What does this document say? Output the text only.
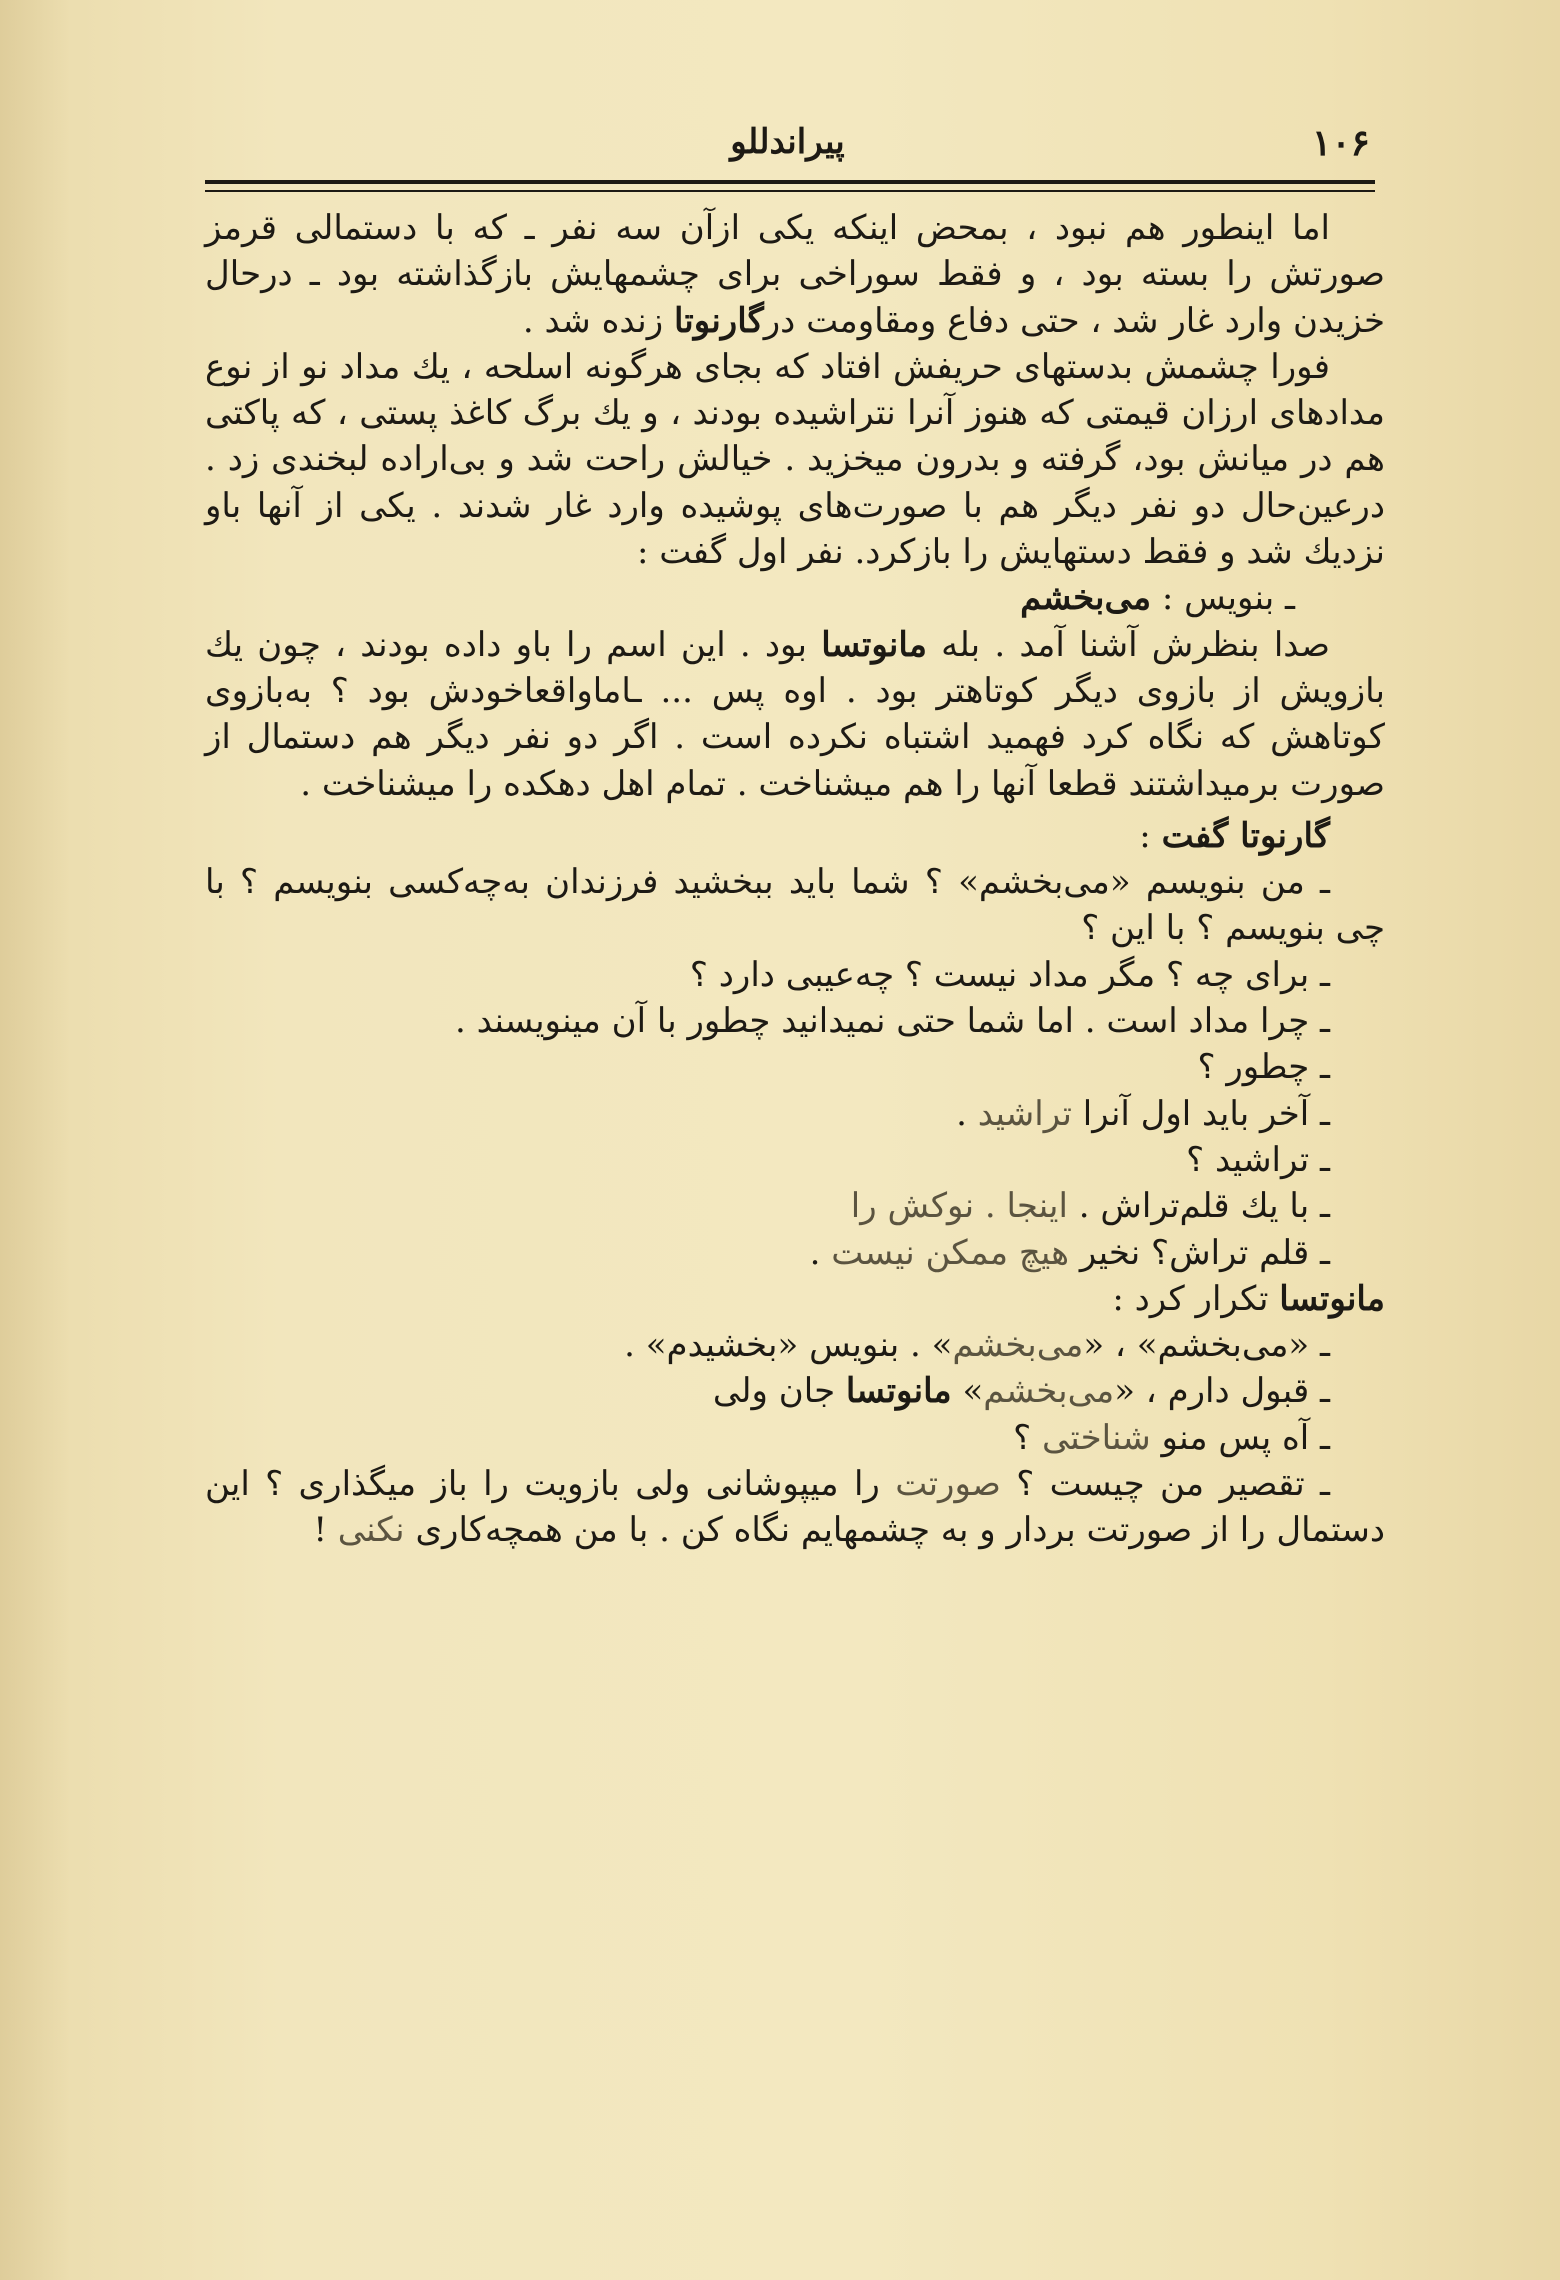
۱۰۶
پیراندللو

اما اینطور هم نبود ، بمحض اینکه یکی ازآن سه نفر ـ که با دستمالی قرمز صورتش را بسته بود ، و فقط سوراخی برای چشمهایش بازگذاشته بود ـ درحال خزیدن وارد غار شد ، حتی دفاع ومقاومت درگارنوتا زنده شد .

فورا چشمش بدستهای حریفش افتاد که بجای هرگونه اسلحه ، یك مداد نو از نوع مدادهای ارزان قیمتی که هنوز آنرا نتراشیده بودند ، و یك برگ کاغذ پستی ، که پاکتی هم در میانش بود، گرفته و بدرون میخزید . خیالش راحت شد و بی‌اراده لبخندی زد . درعین‌حال دو نفر دیگر هم با صورت‌های پوشیده وارد غار شدند . یکی از آنها باو نزدیك شد و فقط دستهایش را بازکرد. نفر اول گفت :

ـ بنویس : می‌بخشم

صدا بنظرش آشنا آمد . بله مانوتسا بود . این اسم را باو داده بودند ، چون یك بازویش از بازوی دیگر کوتاهتر بود . اوه پس ... ـاماواقعاخودش بود ؟ به‌بازوی کوتاهش که نگاه کرد فهمید اشتباه نکرده است . اگر دو نفر دیگر هم دستمال از صورت برمیداشتند قطعا آنها را هم میشناخت . تمام اهل دهکده را میشناخت .

گارنوتا گفت :

ـ من بنویسم «می‌بخشم» ؟ شما باید ببخشید فرزندان به‌چه‌کسی بنویسم ؟ با چی بنویسم ؟ با این ؟

ـ برای چه ؟ مگر مداد نیست ؟ چه‌عیبی دارد ؟

ـ چرا مداد است . اما شما حتی نمیدانید چطور با آن مینویسند .

ـ چطور ؟

ـ آخر باید اول آنرا تراشید .

ـ تراشید ؟

ـ با یك قلم‌تراش . اینجا . نوکش را

ـ قلم تراش؟ نخیر هیچ ممکن نیست .

مانوتسا تکرار کرد :

ـ «می‌بخشم» ، «می‌بخشم» . بنویس «بخشیدم» .

ـ قبول دارم ، «می‌بخشم» مانوتسا جان ولی

ـ آه پس منو شناختی ؟

ـ تقصیر من چیست ؟ صورتت را میپوشانی ولی بازویت را باز میگذاری ؟ این دستمال را از صورتت بردار و به چشمهایم نگاه کن . با من همچه‌کاری نکنی !
